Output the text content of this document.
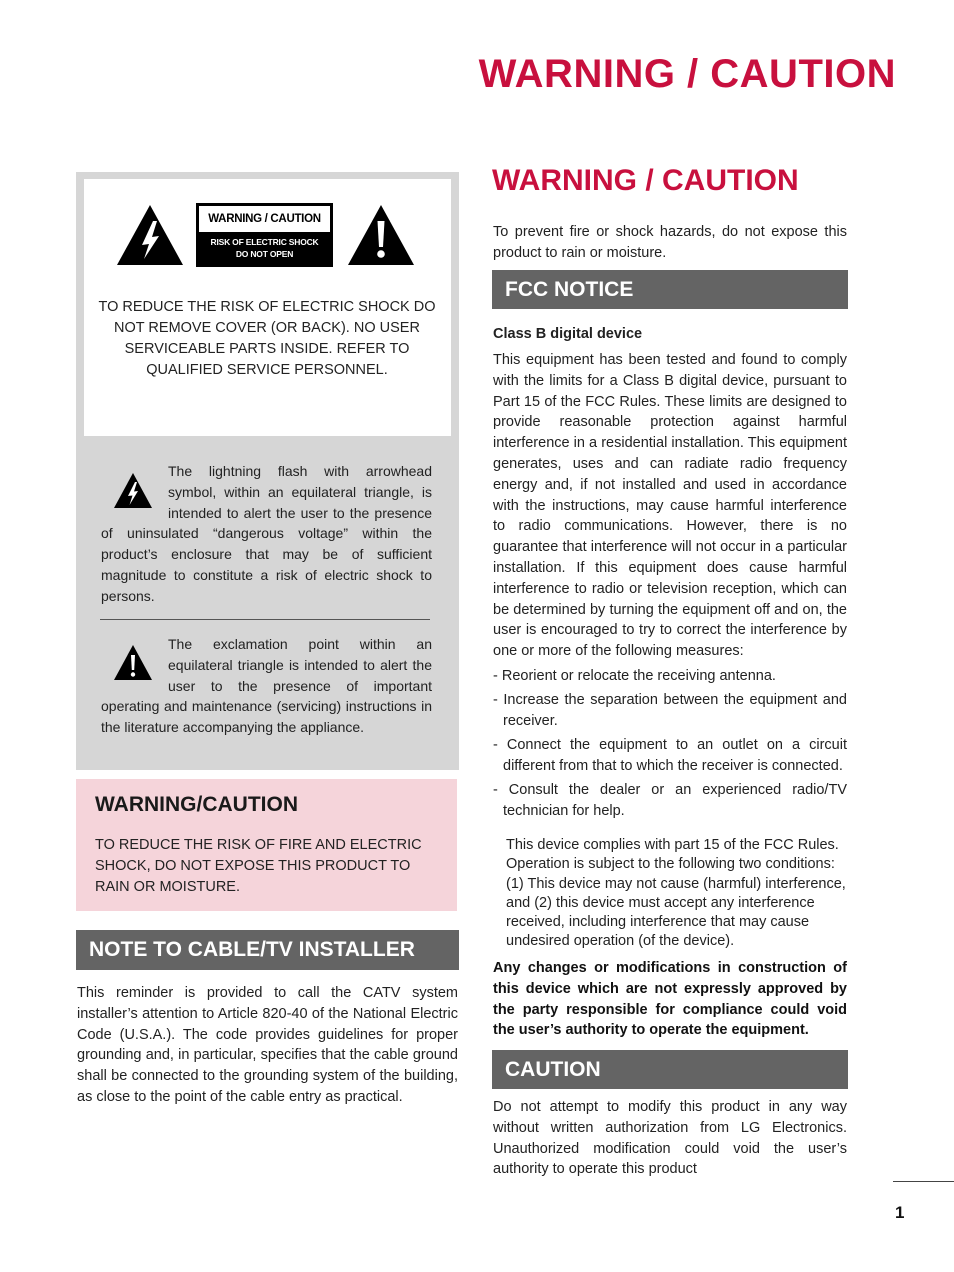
WARNING / CAUTION
WARNING / CAUTION
RISK OF ELECTRIC SHOCK
DO NOT OPEN
TO REDUCE THE RISK OF ELECTRIC SHOCK DO NOT REMOVE COVER (OR BACK). NO USER SERVICEABLE PARTS INSIDE. REFER TO QUALIFIED SERVICE PERSONNEL.
The lightning flash with arrowhead symbol, within an equilateral triangle, is intended to alert the user to the presence of uninsulated “dangerous voltage” within the product’s enclosure that may be of sufficient magnitude to constitute a risk of electric shock to persons.
The exclamation point within an equilateral triangle is intended to alert the user to the presence of important operating and maintenance (servicing) instructions in the literature accompanying the appliance.
WARNING/CAUTION
TO REDUCE THE RISK OF FIRE AND ELECTRIC SHOCK, DO NOT EXPOSE THIS PRODUCT TO RAIN OR MOISTURE.
NOTE TO CABLE/TV INSTALLER
This reminder is provided to call the CATV system installer’s attention to Article 820-40 of the National Electric Code (U.S.A.). The code provides guidelines for proper grounding and, in particular, specifies that the cable ground shall be connected to the grounding system of the building, as close to the point of the cable entry as practical.
WARNING / CAUTION
To prevent fire or shock hazards, do not expose this product to rain or moisture.
FCC NOTICE
Class B digital device
This equipment has been tested and found to comply with the limits for a Class B digital device, pursuant to Part 15 of the FCC Rules. These limits are designed to provide reasonable protection against harmful interference in a residential installation. This equipment generates, uses and can radiate radio frequency energy and, if not installed and used in accordance with the instructions, may cause harmful interference to radio communications. However, there is no guarantee that interference will not occur in a particular installation. If this equipment does cause harmful interference to radio or television reception, which can be determined by turning the equipment off and on, the user is encouraged to try to correct the interference by one or more of the following measures:
- Reorient or relocate the receiving antenna.
- Increase the separation between the equipment and receiver.
- Connect the equipment to an outlet on a circuit different from that to which the receiver is connected.
- Consult the dealer or an experienced radio/TV technician for help.
This device complies with part 15 of the FCC Rules. Operation is subject to the following two conditions: (1) This device may not cause (harmful) interference, and (2) this device must accept any interference received, including interference that may cause undesired operation (of the device).
Any changes or modifications in construction of this device which are not expressly approved by the party responsible for compliance could void the user’s authority to operate the equipment.
CAUTION
Do not attempt to modify this product in any way without written authorization from LG Electronics. Unauthorized modification could void the user’s authority to operate this product
1
